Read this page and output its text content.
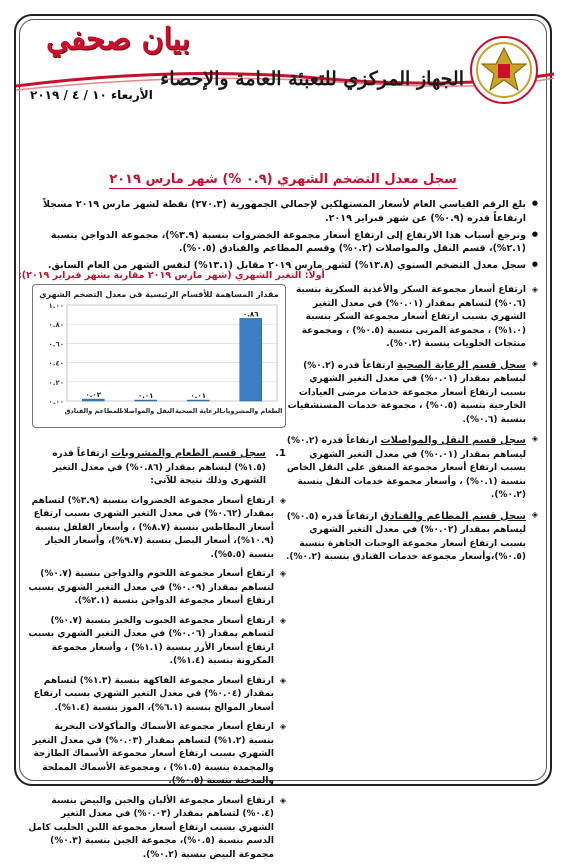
بيان صحفي
الجهاز المركزي للتعبئة العامة والإحصاء
الأربعاء ١٠ / ٤ / ٢٠١٩
سجل معدل التضخم الشهري (٠.٩ %) شهر مارس ٢٠١٩
● بلغ الرقم القياسي العام لأسعار المستهلكين لإجمالي الجمهورية (٢٧٠.٣) نقطة لشهر مارس ٢٠١٩ مسجلاً ارتفاعاً قدره (٠.٩%) عن شهر فبراير ٢٠١٩.
● وترجع أسباب هذا الارتفاع إلى ارتفاع أسعار مجموعة الخضروات بنسبة (٣.٩%)، مجموعة الدواجن بنسبة (٢.١%)، قسم النقل والمواصلات (٠.٢%) وقسم المطاعم والفنادق (٠.٥%).
● سجل معدل التضخم السنوي (١٣.٨%) لشهر مارس ٢٠١٩ مقابل (١٣.١%) لنفس الشهر من العام السابق.
أولاً: التغير الشهري (شهر مارس ٢٠١٩ مقارنة بشهر فبراير ٢٠١٩):
◈
ارتفاع أسعار مجموعة السكر والأغذية السكرية بنسبة (٠.٦%) لتساهم بمقدار (٠.٠١%) في معدل التغير الشهري بسبب ارتفاع أسعار مجموعة السكر بنسبة (١.٠%) ، مجموعة المربى بنسبة (٠.٥%) ، ومجموعة منتجات الحلويات بنسبة (٠.٢%).
◈
سجل قسم الرعاية الصحية ارتفاعاً قدره (٠.٢%) ليساهم بمقدار (٠.٠١%) في معدل التغير الشهري بسبب ارتفاع أسعار مجموعة خدمات مرضى العيادات الخارجية بنسبة (٠.٥%) ، مجموعة خدمات المستشفيات بنسبة (٠.٦%).
◈
سجل قسم النقل والمواصلات ارتفاعاً قدره (٠.٢%) ليساهم بمقدار (٠.٠١%) في معدل التغير الشهري بسبب ارتفاع أسعار مجموعة المنفق على النقل الخاص بنسبة (٠.١%) ، وأسعار مجموعة خدمات النقل بنسبة (٠.٢%).
◈
سجل قسم المطاعم والفنادق ارتفاعاً قدره (٠.٥%) ليساهم بمقدار (٠.٠٢%) في معدل التغير الشهري بسبب ارتفاع أسعار مجموعة الوجبات الجاهزة بنسبة (٠.٥%)،وأسعار مجموعة خدمات الفنادق بنسبة (٠.٢%).
مقدار المساهمة للأقسام الرئيسية في معدل التضخم الشهري
٠.٠٠
٠.٢٠
٠.٤٠
٠.٦٠
٠.٨٠
١.٠٠
٠.٨٦
الطعام والمشروبات
٠.٠١
الرعاية الصحية
٠.٠١
النقل والمواصلات
٠.٠٢
المطاعم والفنادق
1.
سجل قسم الطعام والمشروبات ارتفاعاً قدره (١.٥%) ليساهم بمقدار (٠.٨٦%) في معدل التغير الشهري وذلك نتيجة للآتي:
◈
ارتفاع أسعار مجموعة الخضروات بنسبة (٣.٩%) لتساهم بمقدار (٠.٦٢%) في معدل التغير الشهري بسبب ارتفاع أسعار البطاطس بنسبة (٨.٧%) ، وأسعار الفلفل بنسبة (١٠.٩%)، أسعار البصل بنسبة (٩.٧%)، وأسعار الخيار بنسبة (٥.٥%).
◈
ارتفاع أسعار مجموعة اللحوم والدواجن بنسبة (٠.٧%) لتساهم بمقدار (٠.٠٩%) في معدل التغير الشهري بسبب ارتفاع أسعار مجموعة الدواجن بنسبة (٢.١%).
◈
ارتفاع أسعار مجموعة الحبوب والخبز بنسبة (٠.٧%) لتساهم بمقدار (٠.٠٦%) في معدل التغير الشهري بسبب ارتفاع أسعار الأرز بنسبة (١.١%) ، وأسعار مجموعة المكرونة بنسبة (١.٤%).
◈
ارتفاع أسعار مجموعة الفاكهة بنسبة (١.٣%) لتساهم بمقدار (٠.٠٤%) في معدل التغير الشهري بسبب ارتفاع أسعار الموالح بنسبة (٦.١%)، الموز بنسبة (١.٤%).
◈
ارتفاع أسعار مجموعة الأسماك والمأكولات البحرية بنسبة (١.٢%) لتساهم بمقدار (٠.٠٣%) في معدل التغير الشهري بسبب ارتفاع أسعار مجموعة الأسماك الطازجة والمجمدة بنسبة (١.٥%) ، ومجموعة الأسماك المملحة والمدخنة بنسبة (٠.٥%).
◈
ارتفاع أسعار مجموعة الألبان والجبن والبيض بنسبة (٠.٤%) لتساهم بمقدار (٠.٠٣%) في معدل التغير الشهري بسبب ارتفاع أسعار مجموعة اللبن الحليب كامل الدسم بنسبة (٠.٥%)، مجموعة الجبن بنسبة (٠.٣%) مجموعة البيض بنسبة (٠.٢%).
